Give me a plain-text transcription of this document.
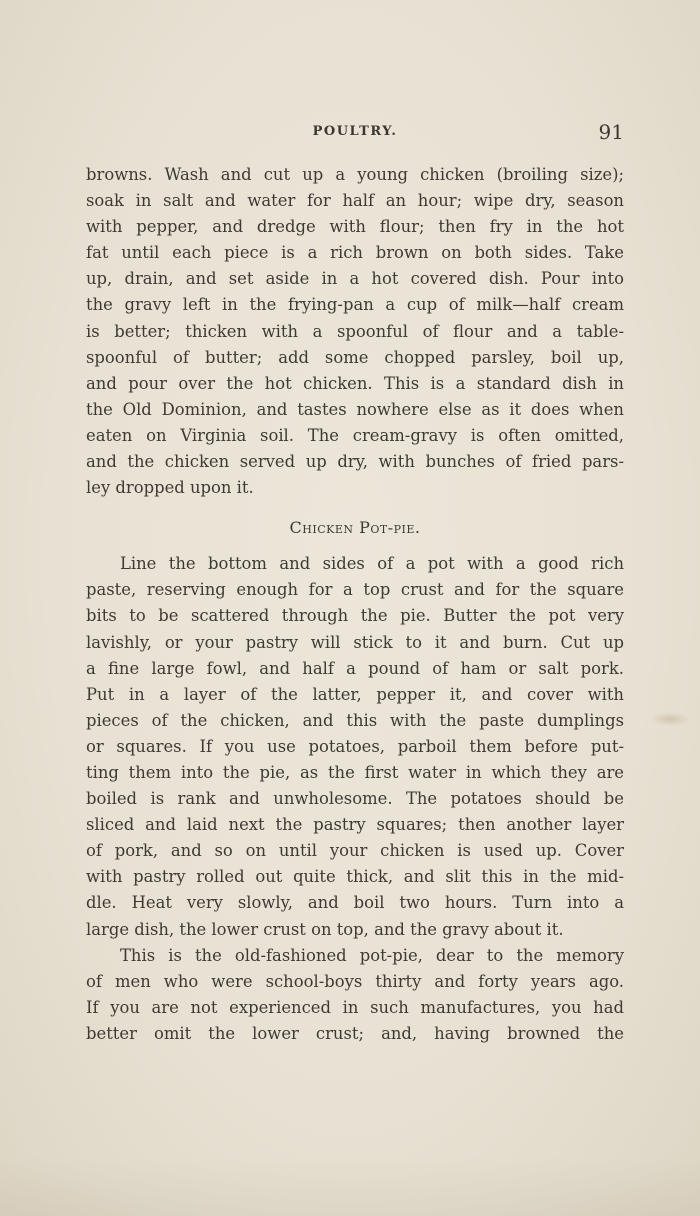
POULTRY.	91
browns. Wash and cut up a young chicken (broiling size);
soak in salt and water for half an hour; wipe dry, season
with pepper, and dredge with flour; then fry in the hot
fat until each piece is a rich brown on both sides. Take
up, drain, and set aside in a hot covered dish. Pour into
the gravy left in the frying-pan a cup of milk—half cream
is better; thicken with a spoonful of flour and a table-
spoonful of butter; add some chopped parsley, boil up,
and pour over the hot chicken. This is a standard dish in
the Old Dominion, and tastes nowhere else as it does when
eaten on Virginia soil. The cream-gravy is often omitted,
and the chicken served up dry, with bunches of fried pars-
ley dropped upon it.
Chicken Pot-pie.
Line the bottom and sides of a pot with a good rich
paste, reserving enough for a top crust and for the square
bits to be scattered through the pie. Butter the pot very
lavishly, or your pastry will stick to it and burn. Cut up
a fine large fowl, and half a pound of ham or salt pork.
Put in a layer of the latter, pepper it, and cover with
pieces of the chicken, and this with the paste dumplings
or squares. If you use potatoes, parboil them before put-
ting them into the pie, as the first water in which they are
boiled is rank and unwholesome. The potatoes should be
sliced and laid next the pastry squares; then another layer
of pork, and so on until your chicken is used up. Cover
with pastry rolled out quite thick, and slit this in the mid-
dle. Heat very slowly, and boil two hours. Turn into a
large dish, the lower crust on top, and the gravy about it.
This is the old-fashioned pot-pie, dear to the memory
of men who were school-boys thirty and forty years ago.
If you are not experienced in such manufactures, you had
better omit the lower crust; and, having browned the
